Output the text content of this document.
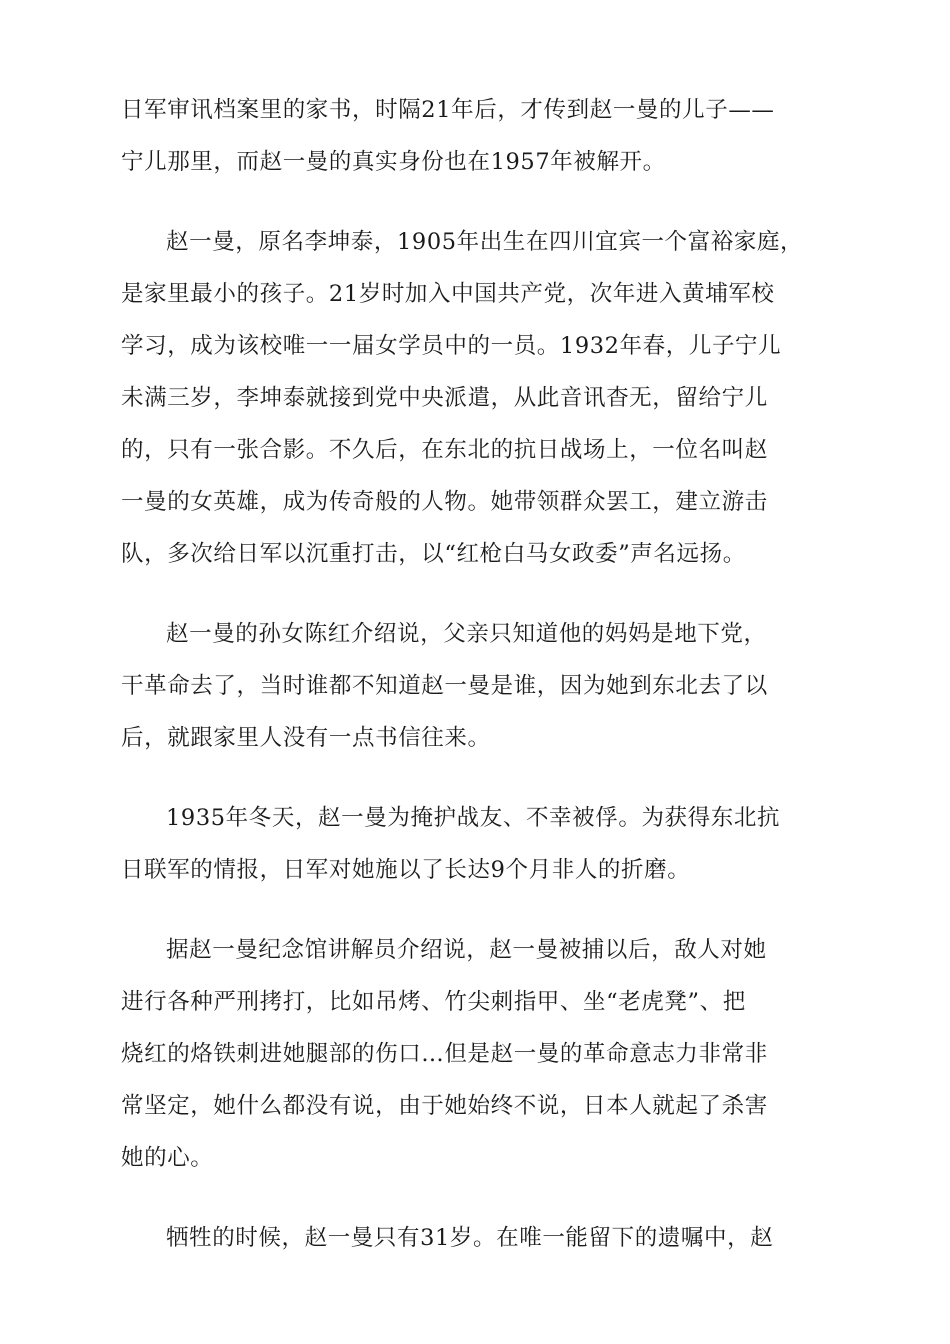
日军审讯档案里的家书，时隔21年后，才传到赵一曼的儿子——
宁儿那里，而赵一曼的真实身份也在1957年被解开。
赵一曼，原名李坤泰，1905年出生在四川宜宾一个富裕家庭，
是家里最小的孩子。21岁时加入中国共产党，次年进入黄埔军校
学习，成为该校唯一一届女学员中的一员。1932年春，儿子宁儿
未满三岁，李坤泰就接到党中央派遣，从此音讯杳无，留给宁儿
的，只有一张合影。不久后，在东北的抗日战场上，一位名叫赵
一曼的女英雄，成为传奇般的人物。她带领群众罢工，建立游击
队，多次给日军以沉重打击，以“红枪白马女政委”声名远扬。
赵一曼的孙女陈红介绍说，父亲只知道他的妈妈是地下党，
干革命去了，当时谁都不知道赵一曼是谁，因为她到东北去了以
后，就跟家里人没有一点书信往来。
1935年冬天，赵一曼为掩护战友、不幸被俘。为获得东北抗
日联军的情报，日军对她施以了长达9个月非人的折磨。
据赵一曼纪念馆讲解员介绍说，赵一曼被捕以后，敌人对她
进行各种严刑拷打，比如吊烤、竹尖刺指甲、坐“老虎凳”、把
烧红的烙铁刺进她腿部的伤口…但是赵一曼的革命意志力非常非
常坚定，她什么都没有说，由于她始终不说，日本人就起了杀害
她的心。
牺牲的时候，赵一曼只有31岁。在唯一能留下的遗嘱中，赵
